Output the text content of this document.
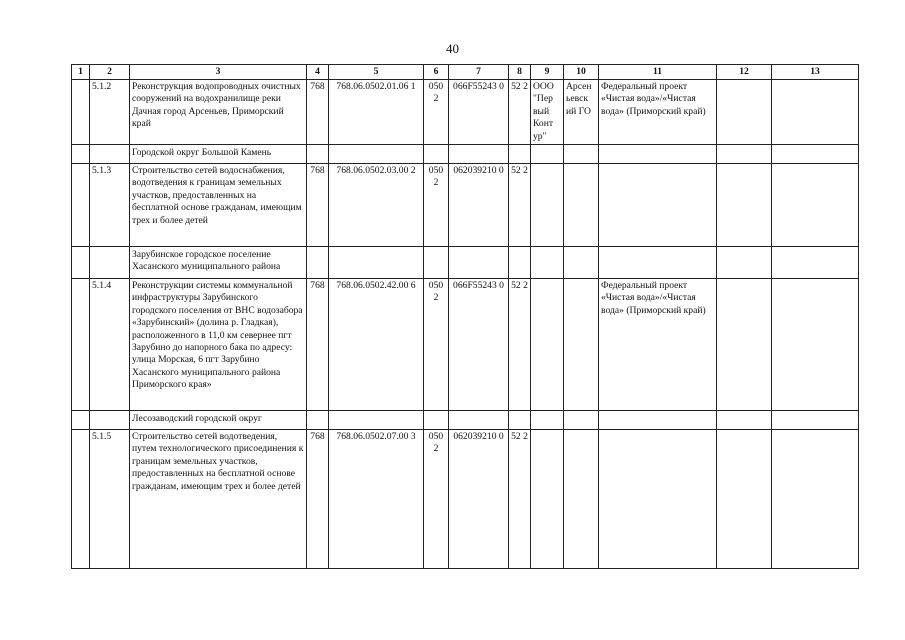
40
1	2	3	4	5	6	7	8	9	10	11	12	13
	5.1.2	Реконструкция водопроводных очистных сооружений на водохранилище реки Дачная город Арсеньев, Приморский край	768	768.06.0502.01.06 1	050 2	066F55243 0	52 2	ООО "Пер вый Конт ур"	Арсен ьевск ий ГО	Федеральный проект «Чистая вода»/«Чистая вода» (Приморский край)		
		Городской округ Большой Камень										
	5.1.3	Строительство сетей водоснабжения, водотведения к границам земельных участков, предоставленных на бесплатной основе гражданам, имеющим трех и более детей	768	768.06.0502.03.00 2	050 2	062039210 0	52 2					
		Зарубинское городское поселение Хасанского муниципального района										
	5.1.4	Реконструкции системы коммунальной инфраструктуры Зарубинского городского поселения от ВНС водозабора «Зарубинский» (долина р. Гладкая), расположенного в 11,0 км севернее пгт Зарубино до напорного бака по адресу: улица Морская, 6 пгт Зарубино Хасанского муниципального района Приморского края»	768	768.06.0502.42.00 6	050 2	066F55243 0	52 2			Федеральный проект «Чистая вода»/«Чистая вода» (Приморский край)		
		Лесозаводский городской округ										
	5.1.5	Строительство сетей водотведения, путем технологического присоединения к границам земельных участков, предоставленных на бесплатной основе гражданам, имеющим трех и более детей	768	768.06.0502.07.00 3	050 2	062039210 0	52 2					
